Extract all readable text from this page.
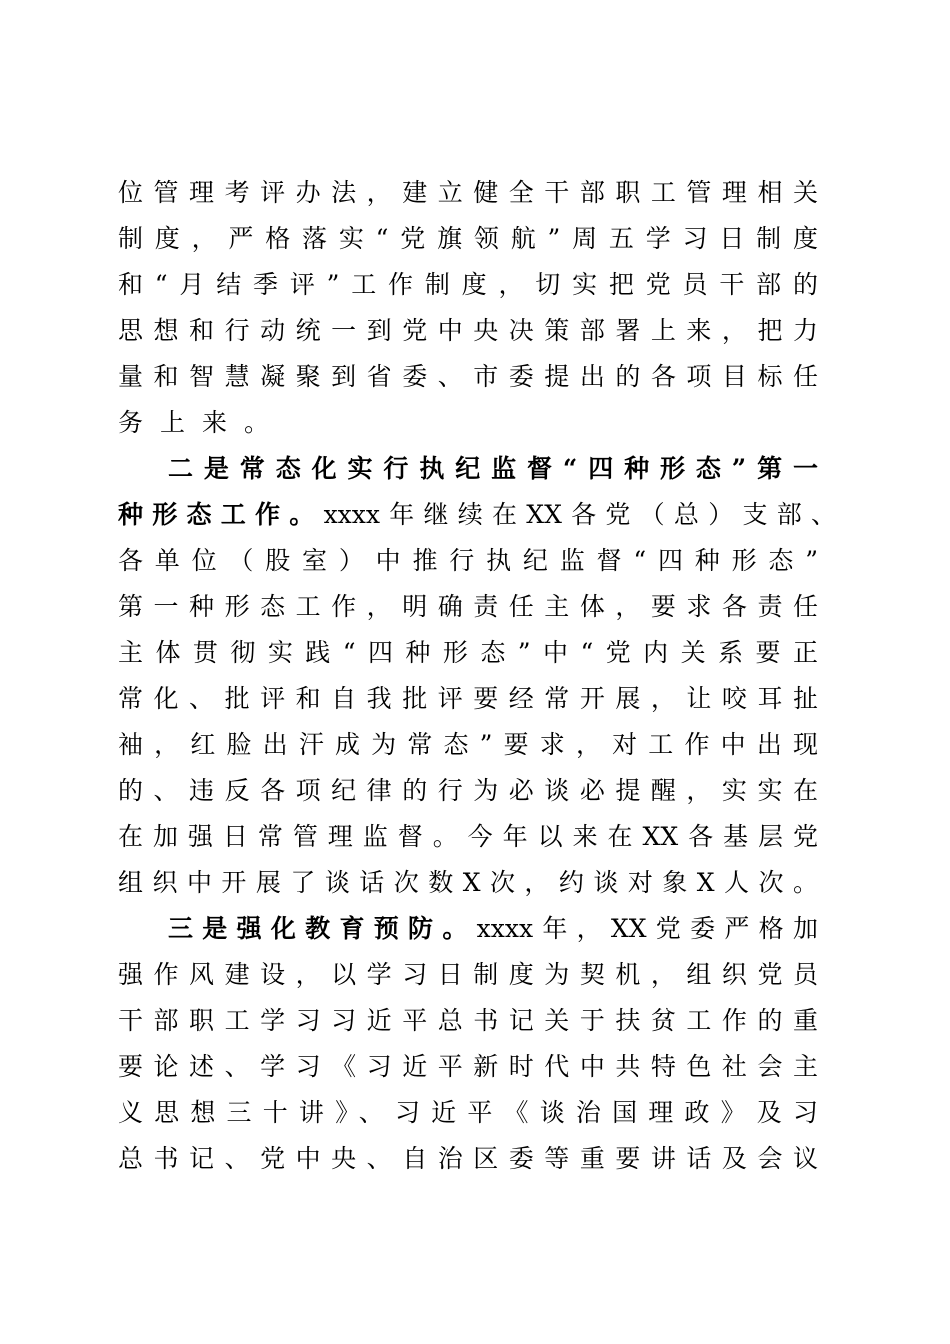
位管理考评办法，建立健全干部职工管理相关
制度，严格落实“党旗领航”周五学习日制度
和“月结季评”工作制度，切实把党员干部的
思想和行动统一到党中央决策部署上来，把力
量和智慧凝聚到省委、市委提出的各项目标任
务上来。
二是常态化实行执纪监督“四种形态”第一
种形态工作。xxxx年继续在XX各党（总）支部、
各单位（股室）中推行执纪监督“四种形态”
第一种形态工作，明确责任主体，要求各责任
主体贯彻实践“四种形态”中“党内关系要正
常化、批评和自我批评要经常开展，让咬耳扯
袖，红脸出汗成为常态”要求，对工作中出现
的、违反各项纪律的行为必谈必提醒，实实在
在加强日常管理监督。今年以来在XX各基层党
组织中开展了谈话次数X次，约谈对象X人次。
三是强化教育预防。xxxx年，XX党委严格加
强作风建设，以学习日制度为契机，组织党员
干部职工学习习近平总书记关于扶贫工作的重
要论述、学习《习近平新时代中共特色社会主
义思想三十讲》、习近平《谈治国理政》及习
总书记、党中央、自治区委等重要讲话及会议
